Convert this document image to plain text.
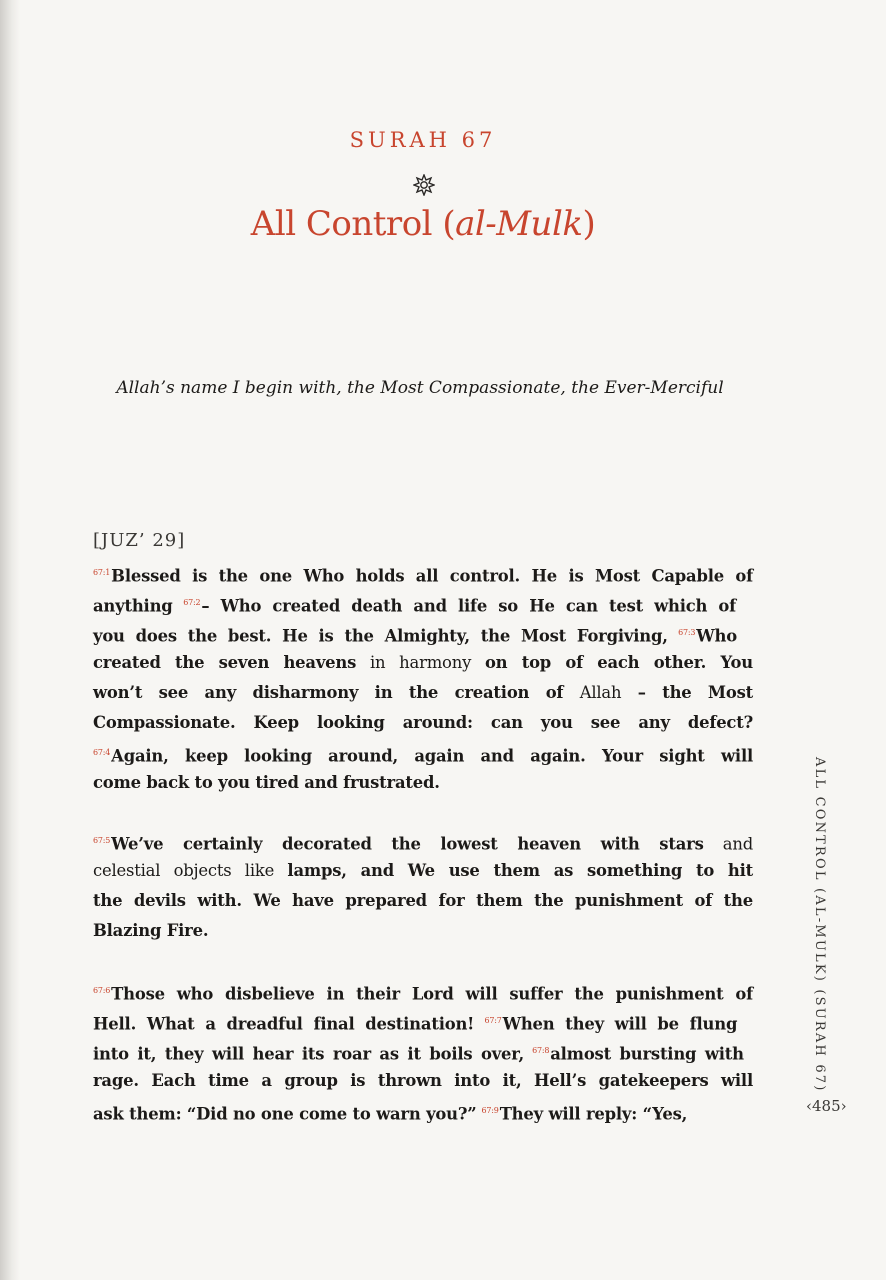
SURAH 67
All Control (al-Mulk)
Allah’s name I begin with, the Most Compassionate, the Ever-Merciful
[JUZ’ 29]
$^{67:1}$Blessed is the one Who holds all control. He is Most Capable of
anything $^{67:2}$– Who created death and life so He can test which of
you does the best. He is the Almighty, the Most Forgiving, $^{67:3}$Who
created the seven heavens in harmony on top of each other. You
won’t see any disharmony in the creation of Allah – the Most
Compassionate. Keep looking around: can you see any defect?
$^{67:4}$Again, keep looking around, again and again. Your sight will
come back to you tired and frustrated.
$^{67:5}$We’ve certainly decorated the lowest heaven with stars and
celestial objects like lamps, and We use them as something to hit
the devils with. We have prepared for them the punishment of the
Blazing Fire.
$^{67:6}$Those who disbelieve in their Lord will suffer the punishment of
Hell. What a dreadful final destination! $^{67:7}$When they will be flung
into it, they will hear its roar as it boils over, $^{67:8}$almost bursting with
rage. Each time a group is thrown into it, Hell’s gatekeepers will
ask them: “Did no one come to warn you?” $^{67:9}$They will reply: “Yes,
ALL CONTROL (AL-MULK) (SURAH 67)
‹485›
